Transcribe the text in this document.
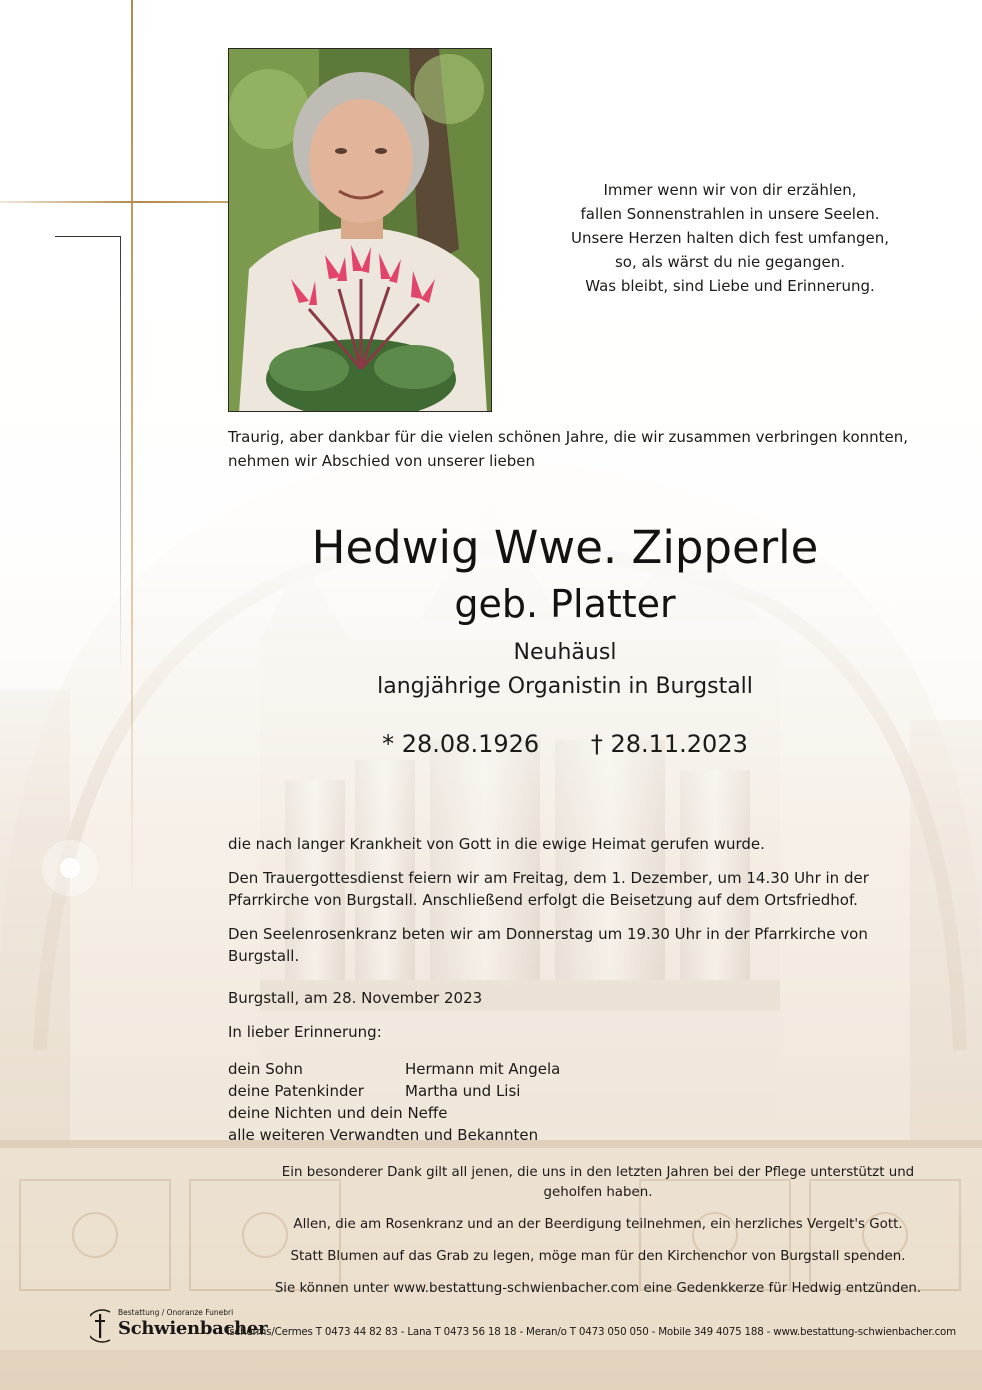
Immer wenn wir von dir erzählen,
fallen Sonnenstrahlen in unsere Seelen.
Unsere Herzen halten dich fest umfangen,
so, als wärst du nie gegangen.
Was bleibt, sind Liebe und Erinnerung.
Traurig, aber dankbar für die vielen schönen Jahre, die wir zusammen verbringen konnten,
nehmen wir Abschied von unserer lieben
Hedwig Wwe. Zipperle
geb. Platter
Neuhäusl
langjährige Organistin in Burgstall
* 28.08.1926 † 28.11.2023

die nach langer Krankheit von Gott in die ewige Heimat gerufen wurde.

Den Trauergottesdienst feiern wir am Freitag, dem 1. Dezember, um 14.30 Uhr in der Pfarrkirche von Burgstall. Anschließend erfolgt die Beisetzung auf dem Ortsfriedhof.

Den Seelenrosenkranz beten wir am Donnerstag um 19.30 Uhr in der Pfarrkirche von Burgstall.

Burgstall, am 28. November 2023

In lieber Erinnerung:

dein Sohn	Hermann mit Angela
deine Patenkinder	Martha und Lisi
deine Nichten und dein Neffe
alle weiteren Verwandten und Bekannten

Ein besonderer Dank gilt all jenen, die uns in den letzten Jahren bei der Pflege unterstützt und geholfen haben.

Allen, die am Rosenkranz und an der Beerdigung teilnehmen, ein herzliches Vergelt's Gott.

Statt Blumen auf das Grab zu legen, möge man für den Kirchenchor von Burgstall spenden.

Sie können unter www.bestattung-schwienbacher.com eine Gedenkkerze für Hedwig entzünden.

Bestattung / Onoranze Funebri
Schwienbacher
Tscherms/Cermes T 0473 44 82 83 - Lana T 0473 56 18 18 - Meran/o T 0473 050 050 - Mobile 349 4075 188 - www.bestattung-schwienbacher.com
